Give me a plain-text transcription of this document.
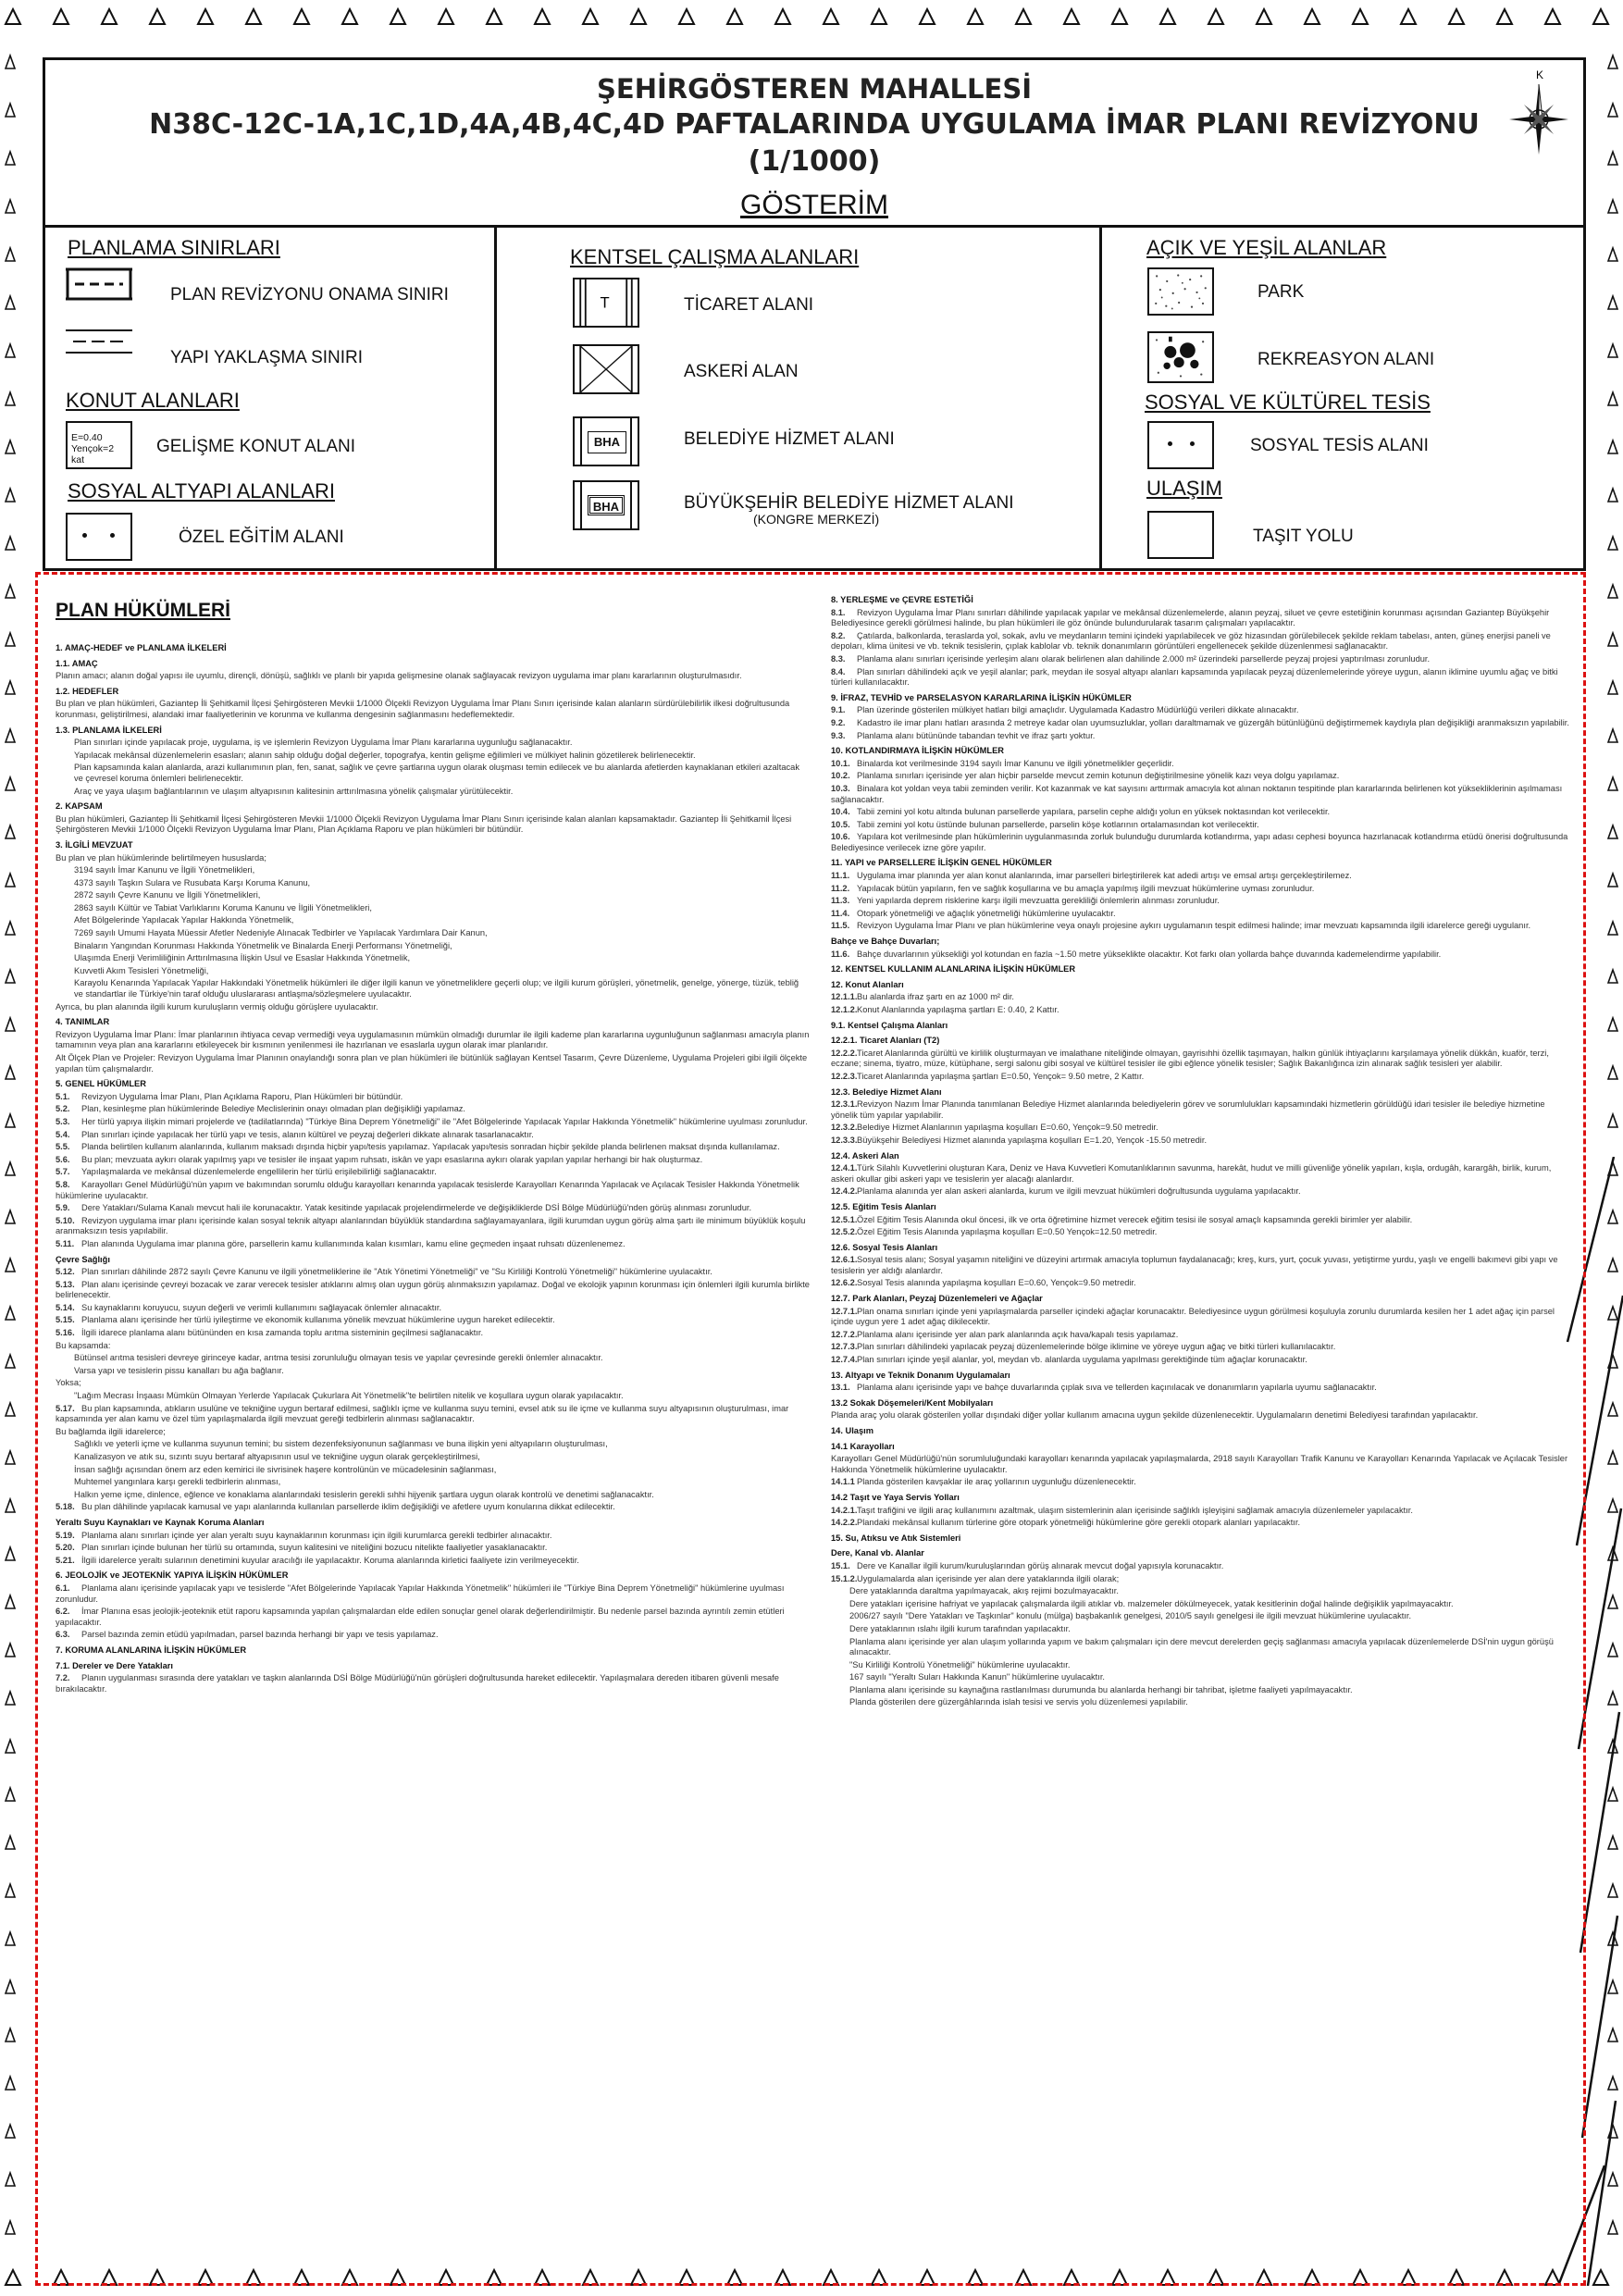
ŞEHİRGÖSTEREN MAHALLESİ
N38C-12C-1A,1C,1D,4A,4B,4C,4D PAFTALARINDA UYGULAMA İMAR PLANI REVİZYONU
(1/1000)
K
GÖSTERİM
PLANLAMA SINIRLARI
PLAN REVİZYONU ONAMA SINIRI
YAPI YAKLAŞMA SINIRI
KONUT ALANLARI
E=0.40
Yençok=2 kat
GELİŞME KONUT ALANI
SOSYAL ALTYAPI ALANLARI
ÖZEL EĞİTİM ALANI
KENTSEL ÇALIŞMA ALANLARI
T	TİCARET ALANI
ASKERİ ALAN
BHA	BELEDİYE HİZMET ALANI
BHA	BÜYÜKŞEHİR BELEDİYE HİZMET ALANI
(KONGRE MERKEZİ)
AÇIK VE YEŞİL ALANLAR
PARK
REKREASYON ALANI
SOSYAL VE KÜLTÜREL TESİS
SOSYAL TESİS ALANI
ULAŞIM
TAŞIT YOLU
PLAN HÜKÜMLERİ

1. AMAÇ-HEDEF ve PLANLAMA İLKELERİ

1.1. AMAÇ

Planın amacı; alanın doğal yapısı ile uyumlu, dirençli, dönüşü, sağlıklı ve planlı bir yapıda gelişmesine olanak sağlayacak revizyon uygulama imar planı kararlarının oluşturulmasıdır.

1.2. HEDEFLER

Bu plan ve plan hükümleri, Gaziantep İli Şehitkamil İlçesi Şehirgösteren Mevkii 1/1000 Ölçekli Revizyon Uygulama İmar Planı Sınırı içerisinde kalan alanların sürdürülebilirlik ilkesi doğrultusunda korunması, geliştirilmesi, alandaki imar faaliyetlerinin ve korunma ve kullanma dengesinin sağlanmasını hedeflemektedir.

1.3. PLANLAMA İLKELERİ

Plan sınırları içinde yapılacak proje, uygulama, iş ve işlemlerin Revizyon Uygulama İmar Planı kararlarına uygunluğu sağlanacaktır.

Yapılacak mekânsal düzenlemelerin esasları; alanın sahip olduğu doğal değerler, topografya, kentin gelişme eğilimleri ve mülkiyet halinin gözetilerek belirlenecektir.

Plan kapsamında kalan alanlarda, arazi kullanımının plan, fen, sanat, sağlık ve çevre şartlarına uygun olarak oluşması temin edilecek ve bu alanlarda afetlerden kaynaklanan etkileri azaltacak ve çevresel koruma önlemleri belirlenecektir.

Araç ve yaya ulaşım bağlantılarının ve ulaşım altyapısının kalitesinin arttırılmasına yönelik çalışmalar yürütülecektir.

2. KAPSAM

Bu plan hükümleri, Gaziantep İli Şehitkamil İlçesi Şehirgösteren Mevkii 1/1000 Ölçekli Revizyon Uygulama İmar Planı Sınırı içerisinde kalan alanları kapsamaktadır. Gaziantep İli Şehitkamil İlçesi Şehirgösteren Mevkii 1/1000 Ölçekli Revizyon Uygulama İmar Planı, Plan Açıklama Raporu ve plan hükümleri bir bütündür.

3. İLGİLİ MEVZUAT

Bu plan ve plan hükümlerinde belirtilmeyen hususlarda;

3194 sayılı İmar Kanunu ve İlgili Yönetmelikleri,

4373 sayılı Taşkın Sulara ve Rusubata Karşı Koruma Kanunu,

2872 sayılı Çevre Kanunu ve İlgili Yönetmelikleri,

2863 sayılı Kültür ve Tabiat Varlıklarını Koruma Kanunu ve İlgili Yönetmelikleri,

Afet Bölgelerinde Yapılacak Yapılar Hakkında Yönetmelik,

7269 sayılı Umumi Hayata Müessir Afetler Nedeniyle Alınacak Tedbirler ve Yapılacak Yardımlara Dair Kanun,

Binaların Yangından Korunması Hakkında Yönetmelik ve Binalarda Enerji Performansı Yönetmeliği,

Ulaşımda Enerji Verimliliğinin Arttırılmasına İlişkin Usul ve Esaslar Hakkında Yönetmelik,

Kuvvetli Akım Tesisleri Yönetmeliği,

Karayolu Kenarında Yapılacak Yapılar Hakkındaki Yönetmelik hükümleri ile diğer ilgili kanun ve yönetmeliklere geçerli olup; ve ilgili kurum görüşleri, yönetmelik, genelge, yönerge, tüzük, tebliğ ve standartlar ile Türkiye'nin taraf olduğu uluslararası antlaşma/sözleşmelere uyulacaktır.

Ayrıca, bu plan alanında ilgili kurum kuruluşların vermiş olduğu görüşlere uyulacaktır.

4. TANIMLAR

Revizyon Uygulama İmar Planı: İmar planlarının ihtiyaca cevap vermediği veya uygulamasının mümkün olmadığı durumlar ile ilgili kademe plan kararlarına uygunluğunun sağlanması amacıyla planın tamamının veya plan ana kararlarını etkileyecek bir kısmının yenilenmesi ile hazırlanan ve esaslarla uygun olarak imar planlarıdır.

Alt Ölçek Plan ve Projeler: Revizyon Uygulama İmar Planının onaylandığı sonra plan ve plan hükümleri ile bütünlük sağlayan Kentsel Tasarım, Çevre Düzenleme, Uygulama Projeleri gibi ilgili ölçekte yapılan tüm çalışmalardır.

5. GENEL HÜKÜMLER

5.1. Revizyon Uygulama İmar Planı, Plan Açıklama Raporu, Plan Hükümleri bir bütündür.

5.2. Plan, kesinleşme plan hükümlerinde Belediye Meclislerinin onayı olmadan plan değişikliği yapılamaz.

5.3. Her türlü yapıya ilişkin mimari projelerde ve (tadilatlarında) "Türkiye Bina Deprem Yönetmeliği" ile "Afet Bölgelerinde Yapılacak Yapılar Hakkında Yönetmelik" hükümlerine uyulması zorunludur.

5.4. Plan sınırları içinde yapılacak her türlü yapı ve tesis, alanın kültürel ve peyzaj değerleri dikkate alınarak tasarlanacaktır.

5.5. Planda belirtilen kullanım alanlarında, kullanım maksadı dışında hiçbir yapı/tesis yapılamaz. Yapılacak yapı/tesis sonradan hiçbir şekilde planda belirlenen maksat dışında kullanılamaz.

5.6. Bu plan; mevzuata aykırı olarak yapılmış yapı ve tesisler ile inşaat yapım ruhsatı, iskân ve yapı esaslarına aykırı olarak yapılan yapılar herhangi bir hak oluşturmaz.

5.7. Yapılaşmalarda ve mekânsal düzenlemelerde engellilerin her türlü erişilebilirliği sağlanacaktır.

5.8. Karayolları Genel Müdürlüğü'nün yapım ve bakımından sorumlu olduğu karayolları kenarında yapılacak tesislerde Karayolları Kenarında Yapılacak ve Açılacak Tesisler Hakkında Yönetmelik hükümlerine uyulacaktır.

5.9. Dere Yatakları/Sulama Kanalı mevcut hali ile korunacaktır. Yatak kesitinde yapılacak projelendirmelerde ve değişikliklerde DSİ Bölge Müdürlüğü'nden görüş alınması zorunludur.

5.10. Revizyon uygulama imar planı içerisinde kalan sosyal teknik altyapı alanlarından büyüklük standardına sağlayamayanlara, ilgili kurumdan uygun görüş alma şartı ile minimum büyüklük koşulu aranmaksızın tesis yapılabilir.

5.11. Plan alanında Uygulama imar planına göre, parsellerin kamu kullanımında kalan kısımları, kamu eline geçmeden inşaat ruhsatı düzenlenemez.

Çevre Sağlığı

5.12. Plan sınırları dâhilinde 2872 sayılı Çevre Kanunu ve ilgili yönetmeliklerine ile "Atık Yönetimi Yönetmeliği" ve "Su Kirliliği Kontrolü Yönetmeliği" hükümlerine uyulacaktır.

5.13. Plan alanı içerisinde çevreyi bozacak ve zarar verecek tesisler atıklarını almış olan uygun görüş alınmaksızın yapılamaz. Doğal ve ekolojik yapının korunması için önlemleri ilgili kurumla birlikte belirlenecektir.

5.14. Su kaynaklarını koruyucu, suyun değerli ve verimli kullanımını sağlayacak önlemler alınacaktır.

5.15. Planlama alanı içerisinde her türlü iyileştirme ve ekonomik kullanıma yönelik mevzuat hükümlerine uygun hareket edilecektir.

5.16. İlgili idarece planlama alanı bütününden en kısa zamanda toplu arıtma sisteminin geçilmesi sağlanacaktır.

Bu kapsamda:

Bütünsel arıtma tesisleri devreye girinceye kadar, arıtma tesisi zorunluluğu olmayan tesis ve yapılar çevresinde gerekli önlemler alınacaktır.

Varsa yapı ve tesislerin pissu kanalları bu ağa bağlanır.

Yoksa;

"Lağım Mecrası İnşaası Mümkün Olmayan Yerlerde Yapılacak Çukurlara Ait Yönetmelik"te belirtilen nitelik ve koşullara uygun olarak yapılacaktır.

5.17. Bu plan kapsamında, atıkların usulüne ve tekniğine uygun bertaraf edilmesi, sağlıklı içme ve kullanma suyu temini, evsel atık su ile içme ve kullanma suyu altyapısının oluşturulması, imar kapsamında yer alan kamu ve özel tüm yapılaşmalarda ilgili mevzuat gereği tedbirlerin alınması sağlanacaktır.

Bu bağlamda ilgili idarelerce;

Sağlıklı ve yeterli içme ve kullanma suyunun temini; bu sistem dezenfeksiyonunun sağlanması ve buna ilişkin yeni altyapıların oluşturulması,

Kanalizasyon ve atık su, sızıntı suyu bertaraf altyapısının usul ve tekniğine uygun olarak gerçekleştirilmesi,

İnsan sağlığı açısından önem arz eden kemirici ile sivrisinek haşere kontrolünün ve mücadelesinin sağlanması,

Muhtemel yangınlara karşı gerekli tedbirlerin alınması,

Halkın yeme içme, dinlence, eğlence ve konaklama alanlarındaki tesislerin gerekli sıhhi hijyenik şartlara uygun olarak kontrolü ve denetimi sağlanacaktır.

5.18. Bu plan dâhilinde yapılacak kamusal ve yapı alanlarında kullanılan parsellerde iklim değişikliği ve afetlere uyum konularına dikkat edilecektir.

Yeraltı Suyu Kaynakları ve Kaynak Koruma Alanları

5.19. Planlama alanı sınırları içinde yer alan yeraltı suyu kaynaklarının korunması için ilgili kurumlarca gerekli tedbirler alınacaktır.

5.20. Plan sınırları içinde bulunan her türlü su ortamında, suyun kalitesini ve niteliğini bozucu nitelikte faaliyetler yasaklanacaktır.

5.21. İlgili idarelerce yeraltı sularının denetimini kuyular aracılığı ile yapılacaktır. Koruma alanlarında kirletici faaliyete izin verilmeyecektir.

6. JEOLOJİK ve JEOTEKNİK YAPIYA İLİŞKİN HÜKÜMLER

6.1. Planlama alanı içerisinde yapılacak yapı ve tesislerde "Afet Bölgelerinde Yapılacak Yapılar Hakkında Yönetmelik" hükümleri ile "Türkiye Bina Deprem Yönetmeliği" hükümlerine uyulması zorunludur.

6.2. İmar Planına esas jeolojik-jeoteknik etüt raporu kapsamında yapılan çalışmalardan elde edilen sonuçlar genel olarak değerlendirilmiştir. Bu nedenle parsel bazında ayrıntılı zemin etütleri yapılacaktır.

6.3. Parsel bazında zemin etüdü yapılmadan, parsel bazında herhangi bir yapı ve tesis yapılamaz.

7. KORUMA ALANLARINA İLİŞKİN HÜKÜMLER

7.1. Dereler ve Dere Yatakları

7.2. Planın uygulanması sırasında dere yatakları ve taşkın alanlarında DSİ Bölge Müdürlüğü'nün görüşleri doğrultusunda hareket edilecektir. Yapılaşmalara dereden itibaren güvenli mesafe bırakılacaktır.

8. YERLEŞME ve ÇEVRE ESTETİĞİ

8.1. Revizyon Uygulama İmar Planı sınırları dâhilinde yapılacak yapılar ve mekânsal düzenlemelerde, alanın peyzaj, siluet ve çevre estetiğinin korunması açısından Gaziantep Büyükşehir Belediyesince gerekli görülmesi halinde, bu plan hükümleri ile göz önünde bulundurularak tasarım çalışmaları yapılacaktır.

8.2. Çatılarda, balkonlarda, teraslarda yol, sokak, avlu ve meydanların temini içindeki yapılabilecek ve göz hizasından görülebilecek şekilde reklam tabelası, anten, güneş enerjisi paneli ve depoları, klima ünitesi ve vb. teknik tesislerin, çıplak kablolar vb. teknik donanımların görüntüleri engellenecek şekilde düzenlenmesi sağlanacaktır.

8.3. Planlama alanı sınırları içerisinde yerleşim alanı olarak belirlenen alan dahilinde 2.000 m² üzerindeki parsellerde peyzaj projesi yaptırılması zorunludur.

8.4. Plan sınırları dâhilindeki açık ve yeşil alanlar; park, meydan ile sosyal altyapı alanları kapsamında yapılacak peyzaj düzenlemelerinde yöreye uygun, alanın iklimine uyumlu ağaç ve bitki türleri kullanılacaktır.

9. İFRAZ, TEVHİD ve PARSELASYON KARARLARINA İLİŞKİN HÜKÜMLER

9.1. Plan üzerinde gösterilen mülkiyet hatları bilgi amaçlıdır. Uygulamada Kadastro Müdürlüğü verileri dikkate alınacaktır.

9.2. Kadastro ile imar planı hatları arasında 2 metreye kadar olan uyumsuzluklar, yolları daraltmamak ve güzergâh bütünlüğünü değiştirmemek kaydıyla plan değişikliği aranmaksızın yapılabilir.

9.3. Planlama alanı bütününde tabandan tevhit ve ifraz şartı yoktur.

10. KOTLANDIRMAYA İLİŞKİN HÜKÜMLER

10.1. Binalarda kot verilmesinde 3194 sayılı İmar Kanunu ve ilgili yönetmelikler geçerlidir.

10.2. Planlama sınırları içerisinde yer alan hiçbir parselde mevcut zemin kotunun değiştirilmesine yönelik kazı veya dolgu yapılamaz.

10.3. Binalara kot yoldan veya tabii zeminden verilir. Kot kazanmak ve kat sayısını arttırmak amacıyla kot alınan noktanın tespitinde plan kararlarında belirlenen kot yüksekliklerinin aşılmaması sağlanacaktır.

10.4. Tabii zemini yol kotu altında bulunan parsellerde yapılara, parselin cephe aldığı yolun en yüksek noktasından kot verilecektir.

10.5. Tabii zemini yol kotu üstünde bulunan parsellerde, parselin köşe kotlarının ortalamasından kot verilecektir.

10.6. Yapılara kot verilmesinde plan hükümlerinin uygulanmasında zorluk bulunduğu durumlarda kotlandırma, yapı adası cephesi boyunca hazırlanacak kotlandırma etüdü önerisi doğrultusunda Belediyesince verilecek izne göre yapılır.

11. YAPI ve PARSELLERE İLİŞKİN GENEL HÜKÜMLER

11.1. Uygulama imar planında yer alan konut alanlarında, imar parselleri birleştirilerek kat adedi artışı ve emsal artışı gerçekleştirilemez.

11.2. Yapılacak bütün yapıların, fen ve sağlık koşullarına ve bu amaçla yapılmış ilgili mevzuat hükümlerine uyması zorunludur.

11.3. Yeni yapılarda deprem risklerine karşı ilgili mevzuatta gerekliliği önlemlerin alınması zorunludur.

11.4. Otopark yönetmeliği ve ağaçlık yönetmeliği hükümlerine uyulacaktır.

11.5. Revizyon Uygulama İmar Planı ve plan hükümlerine veya onaylı projesine aykırı uygulamanın tespit edilmesi halinde; imar mevzuatı kapsamında ilgili idarelerce gereği uygulanır.

Bahçe ve Bahçe Duvarları;

11.6. Bahçe duvarlarının yüksekliği yol kotundan en fazla ~1.50 metre yükseklikte olacaktır. Kot farkı olan yollarda bahçe duvarında kademelendirme yapılabilir.

12. KENTSEL KULLANIM ALANLARINA İLİŞKİN HÜKÜMLER

12. Konut Alanları

12.1.1.Bu alanlarda ifraz şartı en az 1000 m² dir.

12.1.2.Konut Alanlarında yapılaşma şartları E: 0.40, 2 Kattır.

9.1. Kentsel Çalışma Alanları

12.2.1. Ticaret Alanları (T2)

12.2.2.Ticaret Alanlarında gürültü ve kirlilik oluşturmayan ve imalathane niteliğinde olmayan, gayrisıhhi özellik taşımayan, halkın günlük ihtiyaçlarını karşılamaya yönelik dükkân, kuaför, terzi, eczane; sinema, tiyatro, müze, kütüphane, sergi salonu gibi sosyal ve kültürel tesisler ile gibi eğlence yönelik tesisler; Sağlık Bakanlığınca izin alınarak sağlık tesisleri yer alabilir.

12.2.3.Ticaret Alanlarında yapılaşma şartları E=0.50, Yençok= 9.50 metre, 2 Kattır.

12.3. Belediye Hizmet Alanı

12.3.1.Revizyon Nazım İmar Planında tanımlanan Belediye Hizmet alanlarında belediyelerin görev ve sorumlulukları kapsamındaki hizmetlerin görüldüğü idari tesisler ile belediye hizmetine yönelik tüm yapılar yapılabilir.

12.3.2.Belediye Hizmet Alanlarının yapılaşma koşulları E=0.60, Yençok=9.50 metredir.

12.3.3.Büyükşehir Belediyesi Hizmet alanında yapılaşma koşulları E=1.20, Yençok -15.50 metredir.

12.4. Askeri Alan

12.4.1.Türk Silahlı Kuvvetlerini oluşturan Kara, Deniz ve Hava Kuvvetleri Komutanlıklarının savunma, harekât, hudut ve milli güvenliğe yönelik yapıları, kışla, ordugâh, karargâh, birlik, kurum, askeri okullar gibi askeri yapı ve tesislerin yer alacağı alanlardır.

12.4.2.Planlama alanında yer alan askeri alanlarda, kurum ve ilgili mevzuat hükümleri doğrultusunda uygulama yapılacaktır.

12.5. Eğitim Tesis Alanları

12.5.1.Özel Eğitim Tesis Alanında okul öncesi, ilk ve orta öğretimine hizmet verecek eğitim tesisi ile sosyal amaçlı kapsamında gerekli birimler yer alabilir.

12.5.2.Özel Eğitim Tesis Alanında yapılaşma koşulları E=0.50 Yençok=12.50 metredir.

12.6. Sosyal Tesis Alanları

12.6.1.Sosyal tesis alanı; Sosyal yaşamın niteliğini ve düzeyini artırmak amacıyla toplumun faydalanacağı; kreş, kurs, yurt, çocuk yuvası, yetiştirme yurdu, yaşlı ve engelli bakımevi gibi yapı ve tesislerin yer aldığı alanlardır.

12.6.2.Sosyal Tesis alanında yapılaşma koşulları E=0.60, Yençok=9.50 metredir.

12.7. Park Alanları, Peyzaj Düzenlemeleri ve Ağaçlar

12.7.1.Plan onama sınırları içinde yeni yapılaşmalarda parseller içindeki ağaçlar korunacaktır. Belediyesince uygun görülmesi koşuluyla zorunlu durumlarda kesilen her 1 adet ağaç için parsel içinde uygun yere 1 adet ağaç dikilecektir.

12.7.2.Planlama alanı içerisinde yer alan park alanlarında açık hava/kapalı tesis yapılamaz.

12.7.3.Plan sınırları dâhilindeki yapılacak peyzaj düzenlemelerinde bölge iklimine ve yöreye uygun ağaç ve bitki türleri kullanılacaktır.

12.7.4.Plan sınırları içinde yeşil alanlar, yol, meydan vb. alanlarda uygulama yapılması gerektiğinde tüm ağaçlar korunacaktır.

13. Altyapı ve Teknik Donanım Uygulamaları

13.1. Planlama alanı içerisinde yapı ve bahçe duvarlarında çıplak sıva ve tellerden kaçınılacak ve donanımların yapılarla uyumu sağlanacaktır.

13.2 Sokak Döşemeleri/Kent Mobilyaları

Planda araç yolu olarak gösterilen yollar dışındaki diğer yollar kullanım amacına uygun şekilde düzenlenecektir. Uygulamaların denetimi Belediyesi tarafından yapılacaktır.

14. Ulaşım

14.1 Karayolları

Karayolları Genel Müdürlüğü'nün sorumluluğundaki karayolları kenarında yapılacak yapılaşmalarda, 2918 sayılı Karayolları Trafik Kanunu ve Karayolları Kenarında Yapılacak ve Açılacak Tesisler Hakkında Yönetmelik hükümlerine uyulacaktır.

14.1.1 Planda gösterilen kavşaklar ile araç yollarının uygunluğu düzenlenecektir.

14.2 Taşıt ve Yaya Servis Yolları

14.2.1.Taşıt trafiğini ve ilgili araç kullanımını azaltmak, ulaşım sistemlerinin alan içerisinde sağlıklı işleyişini sağlamak amacıyla düzenlemeler yapılacaktır.

14.2.2.Plandaki mekânsal kullanım türlerine göre otopark yönetmeliği hükümlerine göre gerekli otopark alanları yapılacaktır.

15. Su, Atıksu ve Atık Sistemleri

Dere, Kanal vb. Alanlar

15.1. Dere ve Kanallar ilgili kurum/kuruluşlarından görüş alınarak mevcut doğal yapısıyla korunacaktır.

15.1.2.Uygulamalarda alan içerisinde yer alan dere yataklarında ilgili olarak;

Dere yataklarında daraltma yapılmayacak, akış rejimi bozulmayacaktır.

Dere yatakları içerisine hafriyat ve yapılacak çalışmalarda ilgili atıklar vb. malzemeler dökülmeyecek, yatak kesitlerinin doğal halinde değişiklik yapılmayacaktır.

2006/27 sayılı "Dere Yatakları ve Taşkınlar" konulu (mülga) başbakanlık genelgesi, 2010/5 sayılı genelgesi ile ilgili mevzuat hükümlerine uyulacaktır.

Dere yataklarının ıslahı ilgili kurum tarafından yapılacaktır.

Planlama alanı içerisinde yer alan ulaşım yollarında yapım ve bakım çalışmaları için dere mevcut derelerden geçiş sağlanması amacıyla yapılacak düzenlemelerde DSİ'nin uygun görüşü alınacaktır.

"Su Kirliliği Kontrolü Yönetmeliği" hükümlerine uyulacaktır.

167 sayılı "Yeraltı Suları Hakkında Kanun" hükümlerine uyulacaktır.

Planlama alanı içerisinde su kaynağına rastlanılması durumunda bu alanlarda herhangi bir tahribat, işletme faaliyeti yapılmayacaktır.

Planda gösterilen dere güzergâhlarında islah tesisi ve servis yolu düzenlemesi yapılabilir.
